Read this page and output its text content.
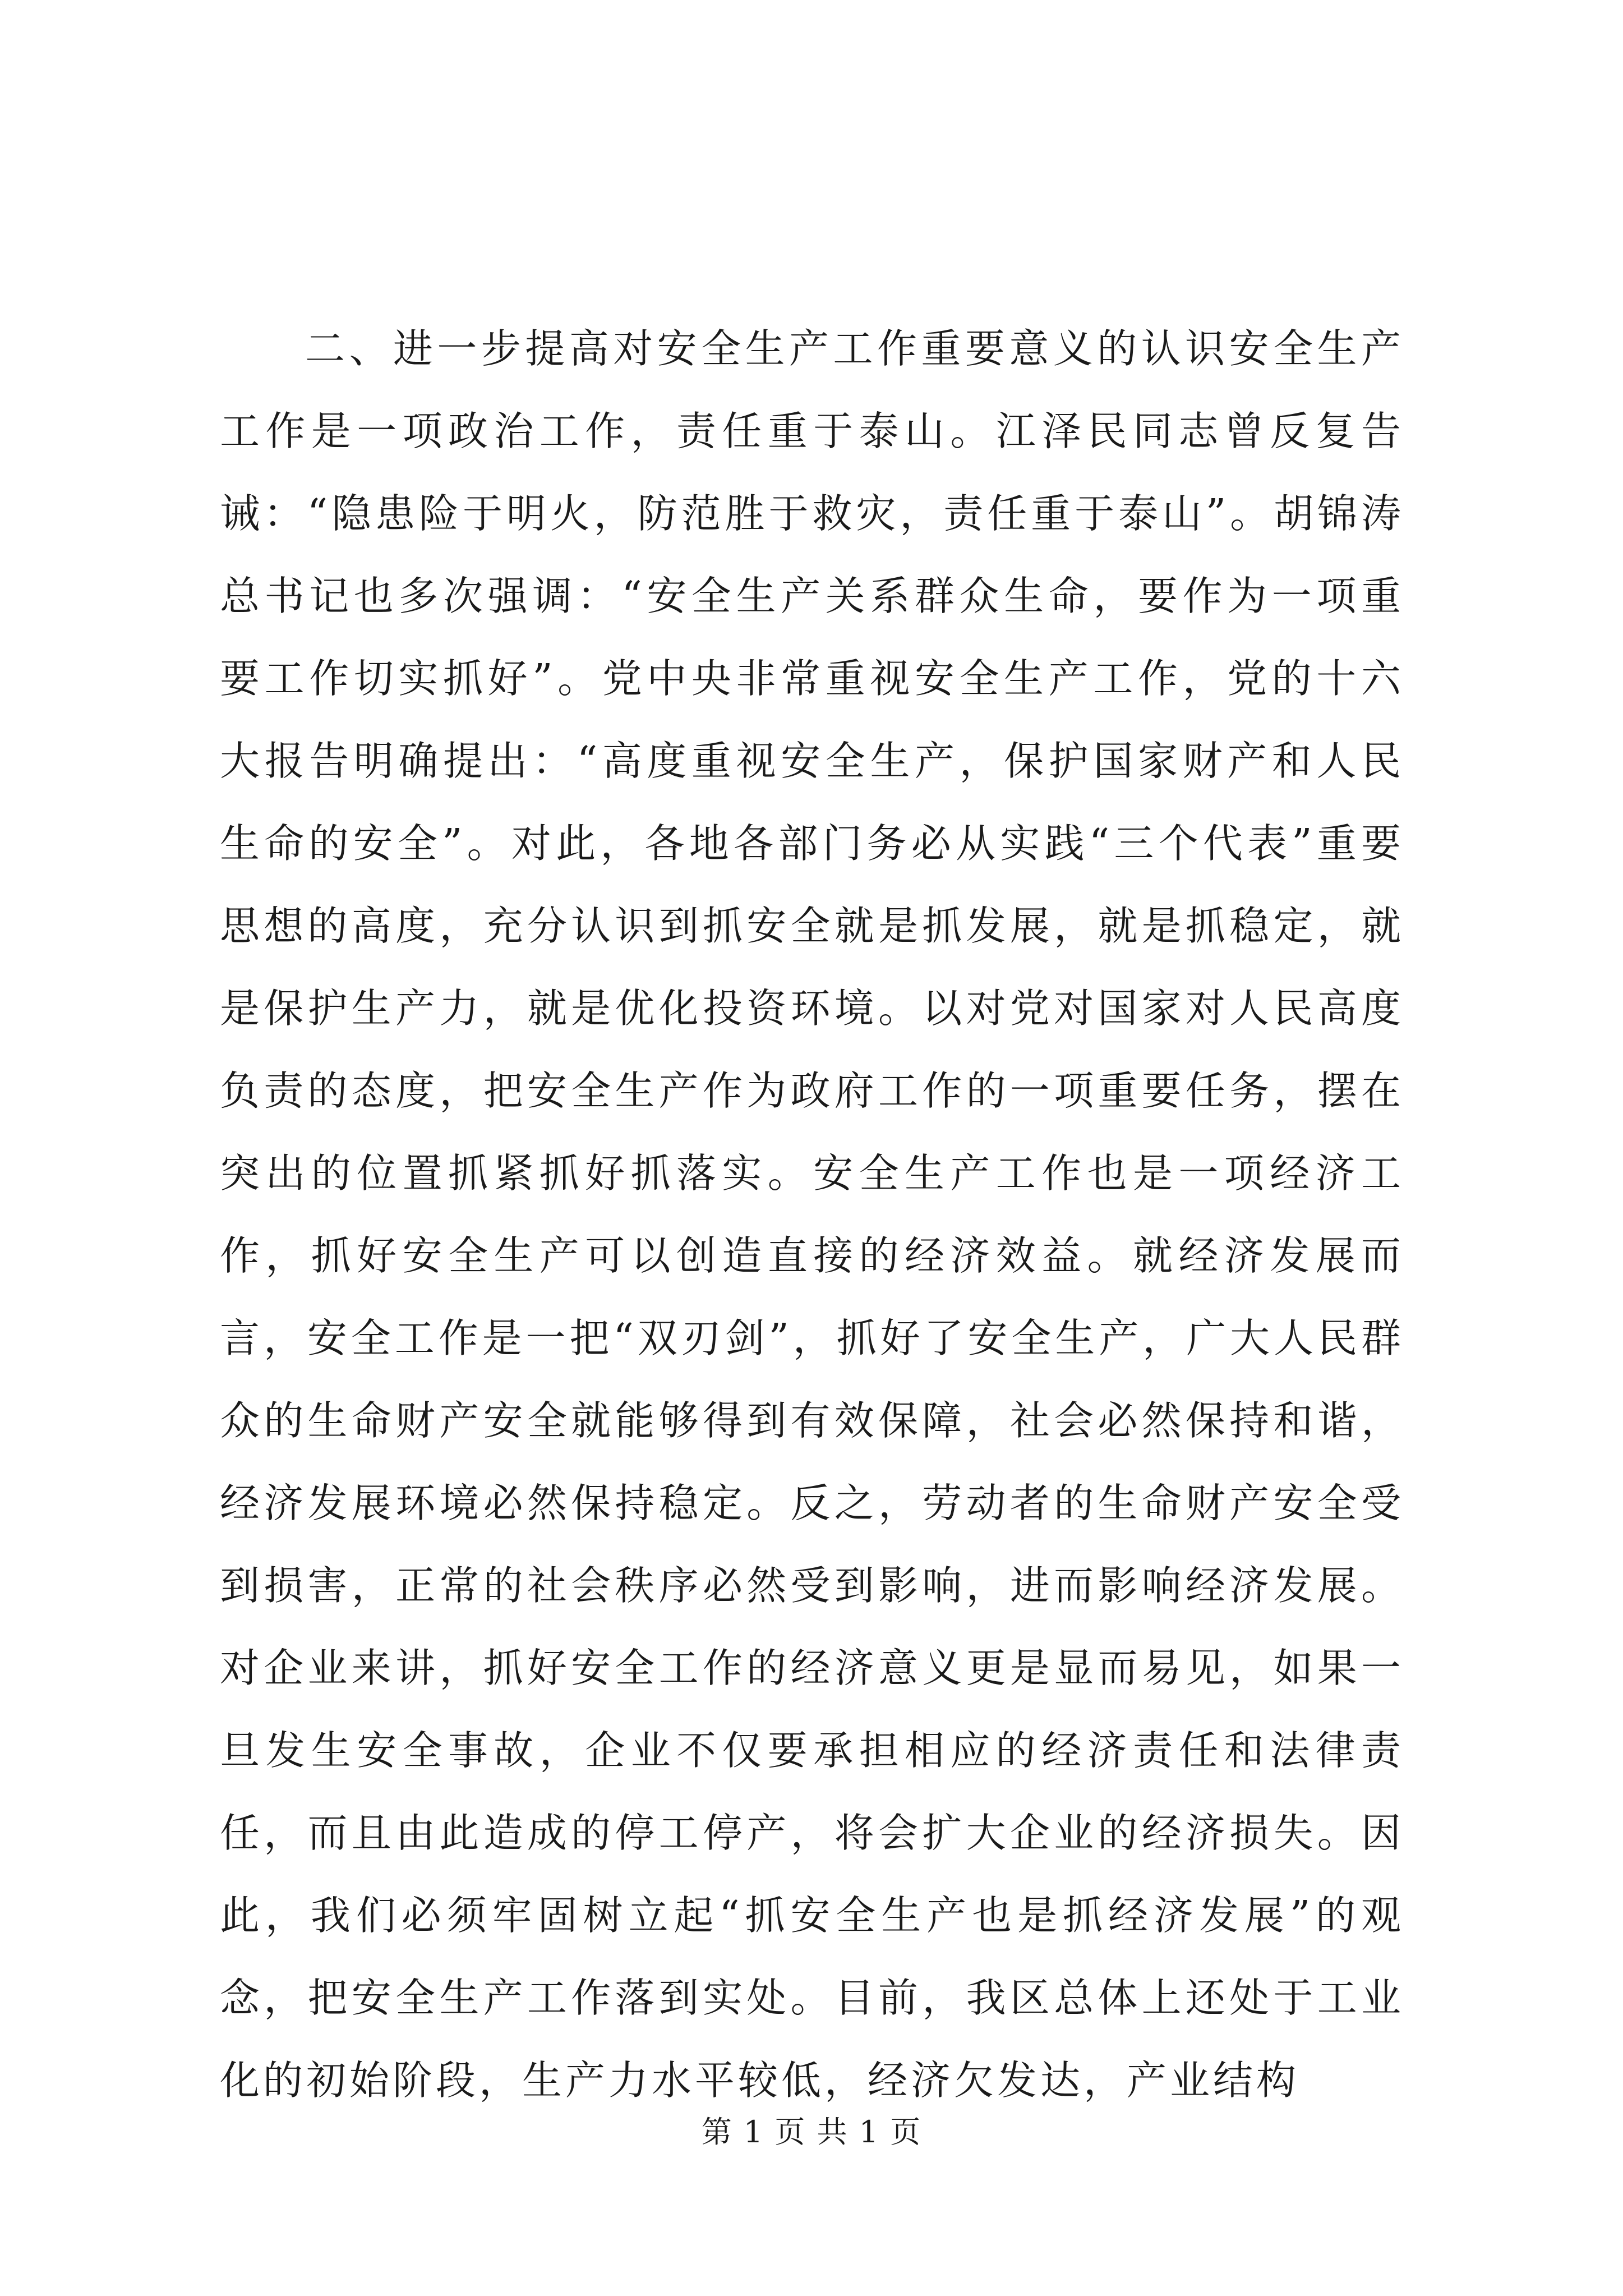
二、进一步提高对安全生产工作重要意义的认识安全生产工作是一项政治工作，责任重于泰山。江泽民同志曾反复告诫：“隐患险于明火，防范胜于救灾，责任重于泰山”。胡锦涛总书记也多次强调：“安全生产关系群众生命，要作为一项重要工作切实抓好”。党中央非常重视安全生产工作，党的十六大报告明确提出：“高度重视安全生产，保护国家财产和人民生命的安全”。对此，各地各部门务必从实践“三个代表”重要思想的高度，充分认识到抓安全就是抓发展，就是抓稳定，就是保护生产力，就是优化投资环境。以对党对国家对人民高度负责的态度，把安全生产作为政府工作的一项重要任务，摆在突出的位置抓紧抓好抓落实。安全生产工作也是一项经济工作，抓好安全生产可以创造直接的经济效益。就经济发展而言，安全工作是一把“双刃剑”，抓好了安全生产，广大人民群众的生命财产安全就能够得到有效保障，社会必然保持和谐，经济发展环境必然保持稳定。反之，劳动者的生命财产安全受到损害，正常的社会秩序必然受到影响，进而影响经济发展。对企业来讲，抓好安全工作的经济意义更是显而易见，如果一旦发生安全事故，企业不仅要承担相应的经济责任和法律责任，而且由此造成的停工停产，将会扩大企业的经济损失。因此，我们必须牢固树立起“抓安全生产也是抓经济发展”的观念，把安全生产工作落到实处。目前，我区总体上还处于工业化的初始阶段，生产力水平较低，经济欠发达，产业结构

第 1 页 共 1 页
